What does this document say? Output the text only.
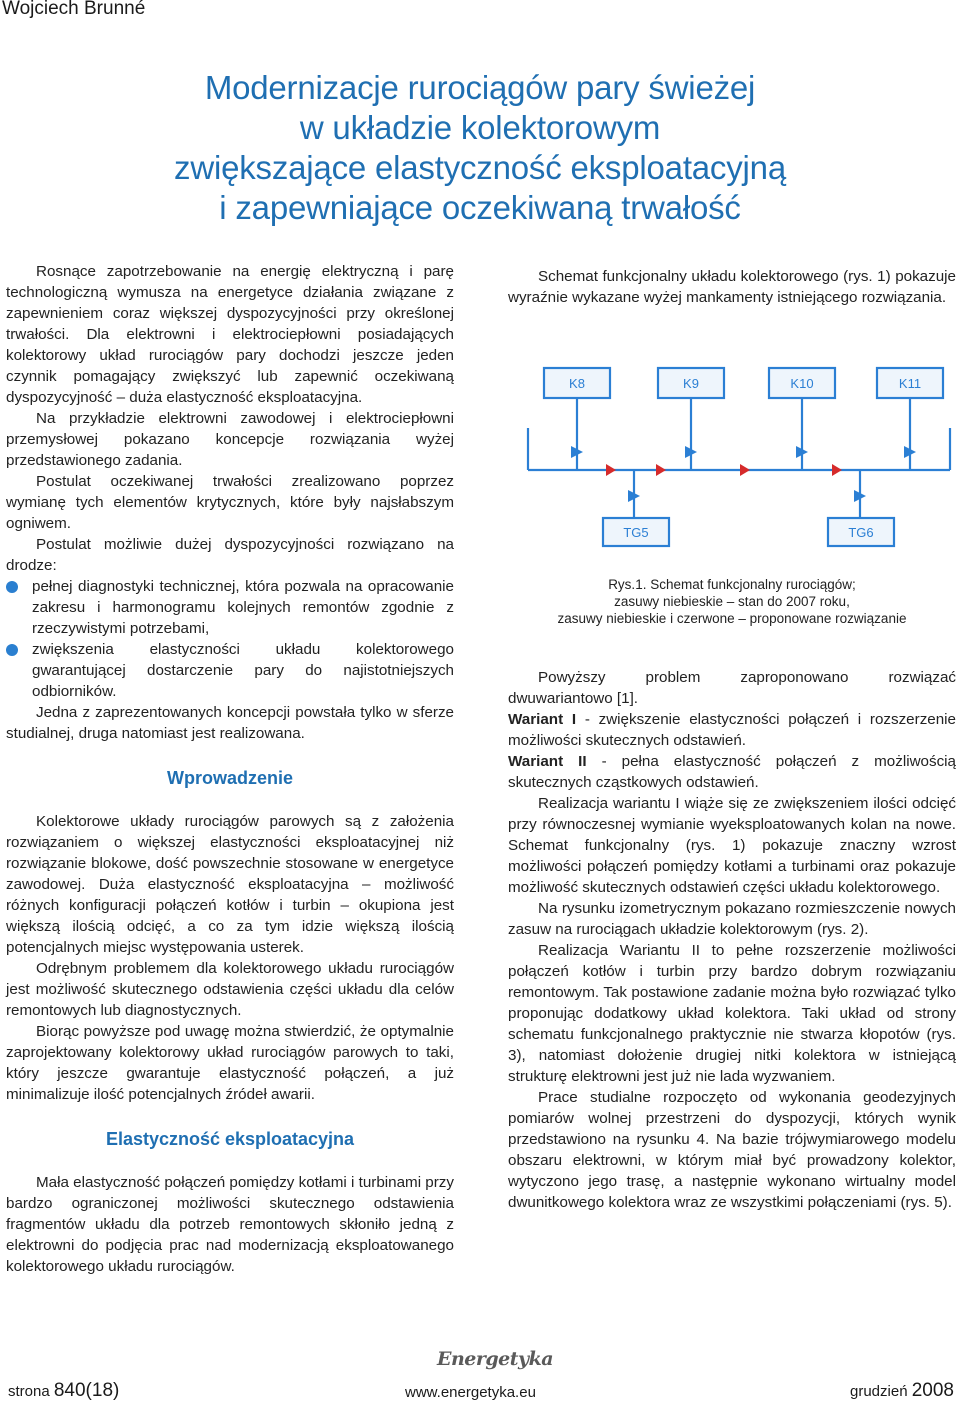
Wojciech Brunné
Modernizacje rurociągów pary świeżej
w układzie kolektorowym
zwiększające elastyczność eksploatacyjną
i zapewniające oczekiwaną trwałość

Rosnące zapotrzebowanie na energię elektryczną i parę technologiczną wymusza na energetyce działania związane z zapewnieniem coraz większej dyspozycyjności przy określonej trwałości. Dla elektrowni i elektrociepłowni posiadających kolektorowy układ rurociągów pary dochodzi jeszcze jeden czynnik pomagający zwiększyć lub zapewnić oczekiwaną dyspozycyjność – duża elastyczność eksploatacyjna.

Na przykładzie elektrowni zawodowej i elektrociepłowni przemysłowej pokazano koncepcje rozwiązania wyżej przedstawionego zadania.

Postulat oczekiwanej trwałości zrealizowano poprzez wymianę tych elementów krytycznych, które były najsłabszym ogniwem.

Postulat możliwie dużej dyspozycyjności rozwiązano na drodze:

pełnej diagnostyki technicznej, która pozwala na opracowanie zakresu i harmonogramu kolejnych remontów zgodnie z rzeczywistymi potrzebami,
zwiększenia elastyczności układu kolektorowego gwarantującej dostarczenie pary do najistotniejszych odbiorników.

Jedna z zaprezentowanych koncepcji powstała tylko w sferze studialnej, druga natomiast jest realizowana.

Wprowadzenie

Kolektorowe układy rurociągów parowych są z założenia rozwiązaniem o większej elastyczności eksploatacyjnej niż rozwiązanie blokowe, dość powszechnie stosowane w energetyce zawodowej. Duża elastyczność eksploatacyjna – możliwość różnych konfiguracji połączeń kotłów i turbin – okupiona jest większą ilością odcięć, a co za tym idzie większą ilością potencjalnych miejsc występowania usterek.

Odrębnym problemem dla kolektorowego układu rurociągów jest możliwość skutecznego odstawienia części układu dla celów remontowych lub diagnostycznych.

Biorąc powyższe pod uwagę można stwierdzić, że optymalnie zaprojektowany kolektorowy układ rurociągów parowych to taki, który jeszcze gwarantuje elastyczność połączeń, a już minimalizuje ilość potencjalnych źródeł awarii.

Elastyczność eksploatacyjna

Mała elastyczność połączeń pomiędzy kotłami i turbinami przy bardzo ograniczonej możliwości skutecznego odstawienia fragmentów układu dla potrzeb remontowych skłoniło jedną z elektrowni do podjęcia prac nad modernizacją eksploatowanego kolektorowego układu rurociągów.

Schemat funkcjonalny układu kolektorowego (rys. 1) pokazuje wyraźnie wykazane wyżej mankamenty istniejącego rozwiązania.

K8	K9	K10	K11
TG5	TG6

Rys.1. Schemat funkcjonalny rurociągów;
zasuwy niebieskie – stan do 2007 roku,
zasuwy niebieskie i czerwone – proponowane rozwiązanie

Powyższy problem zaproponowano rozwiązać dwuwariantowo [1].

Wariant I - zwiększenie elastyczności połączeń i rozszerzenie możliwości skutecznych odstawień.

Wariant II - pełna elastyczność połączeń z możliwością skutecznych cząstkowych odstawień.

Realizacja wariantu I wiąże się ze zwiększeniem ilości odcięć przy równoczesnej wymianie wyeksploatowanych kolan na nowe. Schemat funkcjonalny (rys. 1) pokazuje znaczny wzrost możliwości połączeń pomiędzy kotłami a turbinami oraz pokazuje możliwość skutecznych odstawień części układu kolektorowego.

Na rysunku izometrycznym pokazano rozmieszczenie nowych zasuw na rurociągach układzie kolektorowym (rys. 2).

Realizacja Wariantu II to pełne rozszerzenie możliwości połączeń kotłów i turbin przy bardzo dobrym rozwiązaniu remontowym. Tak postawione zadanie można było rozwiązać tylko proponując dodatkowy układ kolektora. Taki układ od strony schematu funkcjonalnego praktycznie nie stwarza kłopotów (rys. 3), natomiast dołożenie drugiej nitki kolektora w istniejącą strukturę elektrowni jest już nie lada wyzwaniem.

Prace studialne rozpoczęto od wykonania geodezyjnych pomiarów wolnej przestrzeni do dyspozycji, których wynik przedstawiono na rysunku 4. Na bazie trójwymiarowego modelu obszaru elektrowni, w którym miał być prowadzony kolektor, wytyczono jego trasę, a następnie wykonano wirtualny model dwunitkowego kolektora wraz ze wszystkimi połączeniami (rys. 5).

Energetyka
strona 840(18)	www.energetyka.eu	grudzień 2008
